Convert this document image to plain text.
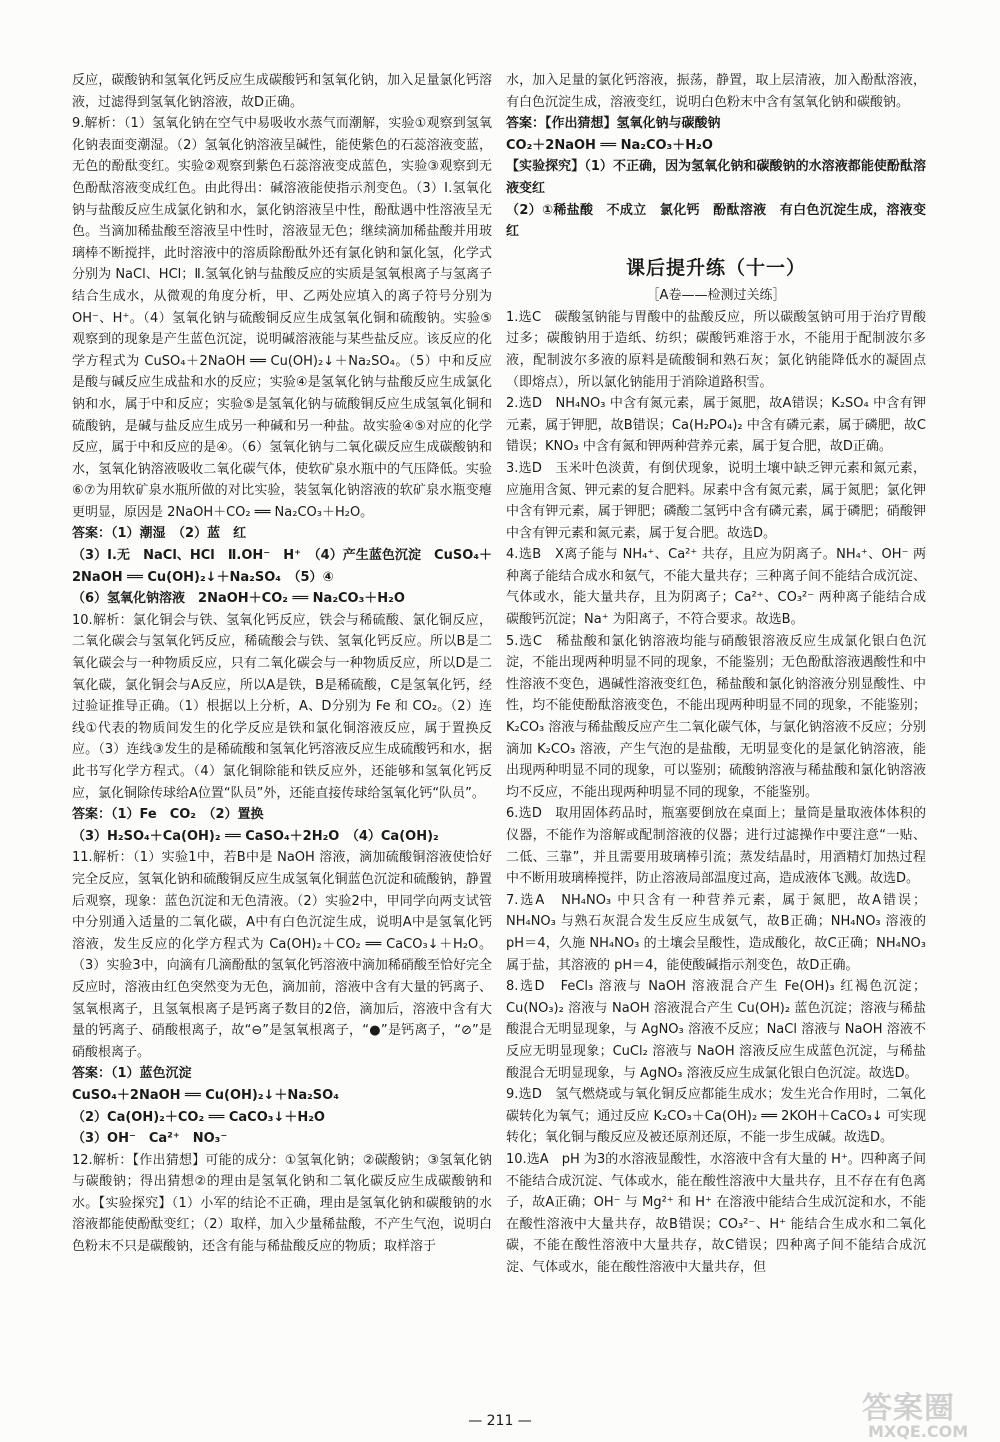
反应，碳酸钠和氢氧化钙反应生成碳酸钙和氢氧化钠，加入足量氯化钙溶液，过滤得到氢氧化钠溶液，故D正确。

9.解析：（1）氢氧化钠在空气中易吸收水蒸气而潮解，实验①观察到氢氧化钠表面变潮湿。（2）氢氧化钠溶液呈碱性，能使紫色的石蕊溶液变蓝，无色的酚酞变红。实验②观察到紫色石蕊溶液变成蓝色，实验③观察到无色酚酞溶液变成红色。由此得出：碱溶液能使指示剂变色。（3）Ⅰ.氢氧化钠与盐酸反应生成氯化钠和水，氯化钠溶液呈中性，酚酞遇中性溶液呈无色。当滴加稀盐酸至溶液呈中性时，溶液显无色；继续滴加稀盐酸并用玻璃棒不断搅拌，此时溶液中的溶质除酚酞外还有氯化钠和氯化氢，化学式分别为 NaCl、HCl；Ⅱ.氢氧化钠与盐酸反应的实质是氢氧根离子与氢离子结合生成水，从微观的角度分析，甲、乙两处应填入的离子符号分别为 OH⁻、H⁺。（4）氢氧化钠与硫酸铜反应生成氢氧化铜和硫酸钠。实验⑤观察到的现象是产生蓝色沉淀，说明碱溶液能与某些盐反应。该反应的化学方程式为 CuSO₄＋2NaOH ══ Cu(OH)₂↓＋Na₂SO₄。（5）中和反应是酸与碱反应生成盐和水的反应；实验④是氢氧化钠与盐酸反应生成氯化钠和水，属于中和反应；实验⑤是氢氧化钠与硫酸铜反应生成氢氧化铜和硫酸钠，是碱与盐反应生成另一种碱和另一种盐。故实验④⑤对应的化学反应，属于中和反应的是④。（6）氢氧化钠与二氧化碳反应生成碳酸钠和水，氢氧化钠溶液吸收二氧化碳气体，使软矿泉水瓶中的气压降低。实验⑥⑦为用软矿泉水瓶所做的对比实验，装氢氧化钠溶液的软矿泉水瓶变瘪更明显，原因是 2NaOH＋CO₂ ══ Na₂CO₃＋H₂O。

答案：（1）潮湿　（2）蓝　红

（3）Ⅰ.无　NaCl、HCl　Ⅱ.OH⁻　H⁺　（4）产生蓝色沉淀　CuSO₄＋2NaOH ══ Cu(OH)₂↓＋Na₂SO₄　（5）④

（6）氢氧化钠溶液　2NaOH＋CO₂ ══ Na₂CO₃＋H₂O

10.解析：氯化铜会与铁、氢氧化钙反应，铁会与稀硫酸、氯化铜反应，二氧化碳会与氢氧化钙反应，稀硫酸会与铁、氢氧化钙反应。所以B是二氧化碳会与一种物质反应，只有二氧化碳会与一种物质反应，所以D是二氧化碳，氯化铜会与A反应，所以A是铁，B是稀硫酸，C是氢氧化钙，经过验证推导正确。（1）根据以上分析，A、D分别为 Fe 和 CO₂。（2）连线①代表的物质间发生的化学反应是铁和氯化铜溶液反应，属于置换反应。（3）连线③发生的是稀硫酸和氢氧化钙溶液反应生成硫酸钙和水，据此书写化学方程式。（4）氯化铜除能和铁反应外，还能够和氢氧化钙反应，氯化铜除传球给A位置“队员”外，还能直接传球给氢氧化钙“队员”。

答案：（1）Fe　CO₂　（2）置换

（3）H₂SO₄＋Ca(OH)₂ ══ CaSO₄＋2H₂O　（4）Ca(OH)₂

11.解析：（1）实验1中，若B中是 NaOH 溶液，滴加硫酸铜溶液使恰好完全反应，氢氧化钠和硫酸铜反应生成氢氧化铜蓝色沉淀和硫酸钠，静置后观察，现象：蓝色沉淀和无色清液。（2）实验2中，甲同学向两支试管中分别通入适量的二氧化碳，A中有白色沉淀生成，说明A中是氢氧化钙溶液，发生反应的化学方程式为 Ca(OH)₂＋CO₂ ══ CaCO₃↓＋H₂O。（3）实验3中，向滴有几滴酚酞的氢氧化钙溶液中滴加稀硝酸至恰好完全反应时，溶液由红色突然变为无色，滴加前，溶液中含有大量的钙离子、氢氧根离子，且氢氧根离子是钙离子数目的2倍，滴加后，溶液中含有大量的钙离子、硝酸根离子，故“⊖”是氢氧根离子，“●”是钙离子，“⊘”是硝酸根离子。

答案：（1）蓝色沉淀

CuSO₄＋2NaOH ══ Cu(OH)₂↓＋Na₂SO₄

（2）Ca(OH)₂＋CO₂ ══ CaCO₃↓＋H₂O

（3）OH⁻　Ca²⁺　NO₃⁻

12.解析：【作出猜想】可能的成分：①氢氧化钠；②碳酸钠；③氢氧化钠与碳酸钠；得出猜想②的理由是氢氧化钠和二氧化碳反应生成碳酸钠和水。【实验探究】（1）小军的结论不正确，理由是氢氧化钠和碳酸钠的水溶液都能使酚酞变红；（2）取样，加入少量稀盐酸，不产生气泡，说明白色粉末不只是碳酸钠，还含有能与稀盐酸反应的物质；取样溶于

水，加入足量的氯化钙溶液，振荡，静置，取上层清液，加入酚酞溶液，有白色沉淀生成，溶液变红，说明白色粉末中含有氢氧化钠和碳酸钠。

答案：【作出猜想】氢氧化钠与碳酸钠

CO₂＋2NaOH ══ Na₂CO₃＋H₂O

【实验探究】（1）不正确，因为氢氧化钠和碳酸钠的水溶液都能使酚酞溶液变红

（2）①稀盐酸　不成立　氯化钙　酚酞溶液　有白色沉淀生成，溶液变红

课后提升练（十一）
［A卷——检测过关练］

1.选C　碳酸氢钠能与胃酸中的盐酸反应，所以碳酸氢钠可用于治疗胃酸过多；碳酸钠用于造纸、纺织；碳酸钙难溶于水，不能用于配制波尔多液，配制波尔多液的原料是硫酸铜和熟石灰；氯化钠能降低水的凝固点（即熔点），所以氯化钠能用于消除道路积雪。

2.选D　NH₄NO₃ 中含有氮元素，属于氮肥，故A错误；K₂SO₄ 中含有钾元素，属于钾肥，故B错误；Ca(H₂PO₄)₂ 中含有磷元素，属于磷肥，故C错误；KNO₃ 中含有氮和钾两种营养元素，属于复合肥，故D正确。

3.选D　玉米叶色淡黄，有倒伏现象，说明土壤中缺乏钾元素和氮元素，应施用含氮、钾元素的复合肥料。尿素中含有氮元素，属于氮肥；氯化钾中含有钾元素，属于钾肥；磷酸二氢钙中含有磷元素，属于磷肥；硝酸钾中含有钾元素和氮元素，属于复合肥。故选D。

4.选B　X离子能与 NH₄⁺、Ca²⁺ 共存，且应为阴离子。NH₄⁺、OH⁻ 两种离子能结合成水和氨气，不能大量共存；三种离子间不能结合成沉淀、气体或水，能大量共存，且为阴离子；Ca²⁺、CO₃²⁻ 两种离子能结合成碳酸钙沉淀；Na⁺ 为阳离子，不符合要求。故选B。

5.选C　稀盐酸和氯化钠溶液均能与硝酸银溶液反应生成氯化银白色沉淀，不能出现两种明显不同的现象，不能鉴别；无色酚酞溶液遇酸性和中性溶液不变色，遇碱性溶液变红色，稀盐酸和氯化钠溶液分别显酸性、中性，均不能使酚酞溶液变色，不能出现两种明显不同的现象，不能鉴别；K₂CO₃ 溶液与稀盐酸反应产生二氧化碳气体，与氯化钠溶液不反应；分别滴加 K₂CO₃ 溶液，产生气泡的是盐酸，无明显变化的是氯化钠溶液，能出现两种明显不同的现象，可以鉴别；硫酸钠溶液与稀盐酸和氯化钠溶液均不反应，不能出现两种明显不同的现象，不能鉴别。

6.选D　取用固体药品时，瓶塞要倒放在桌面上；量筒是量取液体体积的仪器，不能作为溶解或配制溶液的仪器；进行过滤操作中要注意“一贴、二低、三靠”，并且需要用玻璃棒引流；蒸发结晶时，用酒精灯加热过程中不断用玻璃棒搅拌，防止溶液局部温度过高，造成液体飞溅。故选D。

7.选A　NH₄NO₃ 中只含有一种营养元素，属于氮肥，故A错误；NH₄NO₃ 与熟石灰混合发生反应生成氨气，故B正确；NH₄NO₃ 溶液的 pH＝4，久施 NH₄NO₃ 的土壤会呈酸性，造成酸化，故C正确；NH₄NO₃ 属于盐，其溶液的 pH＝4，能使酸碱指示剂变色，故D正确。

8.选D　FeCl₃ 溶液与 NaOH 溶液混合产生 Fe(OH)₃ 红褐色沉淀；Cu(NO₃)₂ 溶液与 NaOH 溶液混合产生 Cu(OH)₂ 蓝色沉淀；溶液与稀盐酸混合无明显现象，与 AgNO₃ 溶液不反应；NaCl 溶液与 NaOH 溶液不反应无明显现象；CuCl₂ 溶液与 NaOH 溶液反应生成蓝色沉淀，与稀盐酸混合无明显现象，与 AgNO₃ 溶液反应生成氯化银白色沉淀。故选D。

9.选D　氢气燃烧或与氧化铜反应都能生成水；发生光合作用时，二氧化碳转化为氧气；通过反应 K₂CO₃＋Ca(OH)₂ ══ 2KOH＋CaCO₃↓ 可实现转化；氧化铜与酸反应及被还原剂还原，不能一步生成碱。故选D。

10.选A　pH 为3的水溶液显酸性，水溶液中含有大量的 H⁺。四种离子间不能结合成沉淀、气体或水，能在酸性溶液中大量共存，且不存在有色离子，故A正确；OH⁻ 与 Mg²⁺ 和 H⁺ 在溶液中能结合生成沉淀和水，不能在酸性溶液中大量共存，故B错误；CO₃²⁻、H⁺ 能结合生成水和二氧化碳，不能在酸性溶液中大量共存，故C错误；四种离子间不能结合成沉淀、气体或水，能在酸性溶液中大量共存，但

— 211 —	答案圈
MXQE.COM
